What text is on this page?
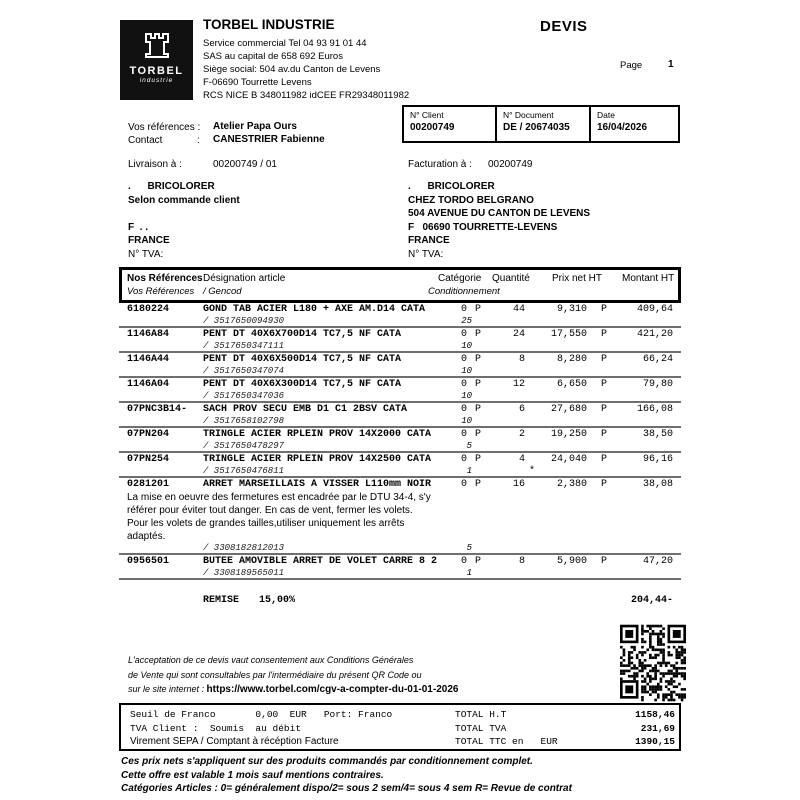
TORBEL
industrie
TORBEL INDUSTRIE
Service commercial Tel 04 93 91 01 44
SAS au capital de 658 692 Euros
Siège social: 504 av.du Canton de Levens
F-06690 Tourrette Levens
RCS NICE B 348011982 idCEE FR29348011982
DEVIS
Page	1
N° Client
00200749
N° Document
DE / 20674035
Date
16/04/2026
Vos références : Atelier Papa Ours
Contact	: CANESTRIER Fabienne
Livraison à :	00200749 / 01	Facturation à : 00200749
.      BRICOLORER
Selon commande client

F  . .
FRANCE
N° TVA:
.      BRICOLORER
CHEZ TORDO BELGRANO
504 AVENUE DU CANTON DE LEVENS
F   06690 TOURRETTE-LEVENS
FRANCE
N° TVA:
Nos Références Désignation article	Catégorie Quantité Prix net HT Montant HT
Vos Références / Gencod	Conditionnement
6180224	GOND TAB ACIER L180 + AXE AM.D14 CATA	0 P	44	9,310 P	409,64
/ 3517650094930	25
1146A84	PENT DT 40X6X700D14 TC7,5 NF CATA	0 P	24	17,550 P	421,20
/ 3517650347111	10
1146A44	PENT DT 40X6X500D14 TC7,5 NF CATA	0 P	8	8,280 P	66,24
/ 3517650347074	10
1146A04	PENT DT 40X6X300D14 TC7,5 NF CATA	0 P	12	6,650 P	79,80
/ 3517650347036	10
07PNC3B14- SACH PROV SECU EMB D1 C1 2BSV CATA	0 P	6	27,680 P	166,08
/ 3517658102798	10
07PN204	TRINGLE ACIER RPLEIN PROV 14X2000 CATA	0 P	2	19,250 P	38,50
/ 3517650478297	5
07PN254	TRINGLE ACIER RPLEIN PROV 14X2500 CATA	0 P	4	24,040 P	96,16
/ 3517650476811	1	*
0281201	ARRET MARSEILLAIS A VISSER L110mm NOIR	0 P	16	2,380 P	38,08
La mise en oeuvre des fermetures est encadrée par le DTU 34-4, s'y
référer pour éviter tout danger. En cas de vent, fermer les volets.
Pour les volets de grandes tailles,utiliser uniquement les arrêts
adaptés.
/ 3308182812013	5
0956501	BUTEE AMOVIBLE ARRET DE VOLET CARRE 8 2	0 P	8	5,900 P	47,20
/ 3308189565011	1
REMISE 15,00%	204,44-
L'acceptation de ce devis vaut consentement aux Conditions Générales
de Vente qui sont consultables par l'intermédiaire du présent QR Code ou
sur le site internet : https://www.torbel.com/cgv-a-compter-du-01-01-2026
Seuil de Franco       0,00  EUR   Port: Franco
TVA Client :  Soumis  au débit
Virement SEPA / Comptant à récéption Facture
TOTAL H.T	1158,46
TOTAL TVA	231,69
TOTAL TTC en   EUR	1390,15
Ces prix nets s'appliquent sur des produits commandés par conditionnement complet.
Cette offre est valable 1 mois sauf mentions contraires.
Catégories Articles : 0= généralement dispo/2= sous 2 sem/4= sous 4 sem R= Revue de contrat
